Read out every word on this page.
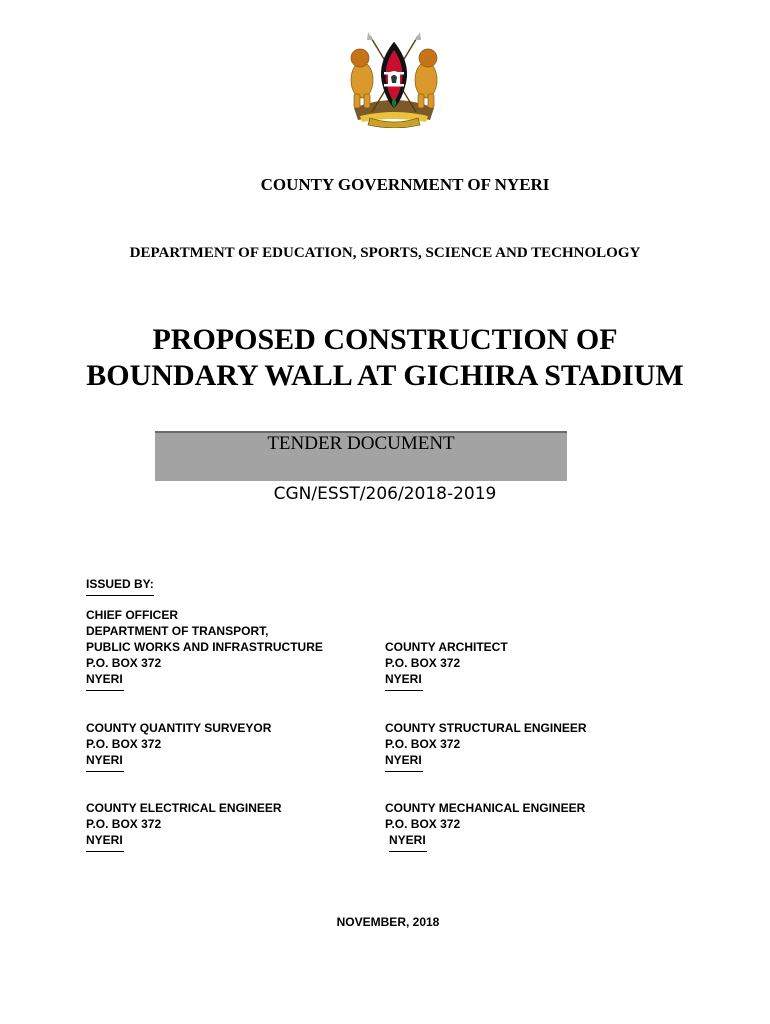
COUNTY GOVERNMENT OF NYERI
DEPARTMENT OF EDUCATION, SPORTS, SCIENCE AND TECHNOLOGY
PROPOSED CONSTRUCTION OF
BOUNDARY WALL AT GICHIRA STADIUM
TENDER DOCUMENT
CGN/ESST/206/2018-2019
ISSUED BY:
CHIEF OFFICER
DEPARTMENT OF TRANSPORT,
PUBLIC WORKS AND INFRASTRUCTURE
P.O. BOX 372
NYERI
COUNTY ARCHITECT
P.O. BOX 372
NYERI
COUNTY QUANTITY SURVEYOR
P.O. BOX 372
NYERI
COUNTY STRUCTURAL ENGINEER
P.O. BOX 372
NYERI
COUNTY ELECTRICAL ENGINEER
P.O. BOX 372
NYERI
COUNTY MECHANICAL ENGINEER
P.O. BOX 372
NYERI
NOVEMBER, 2018
